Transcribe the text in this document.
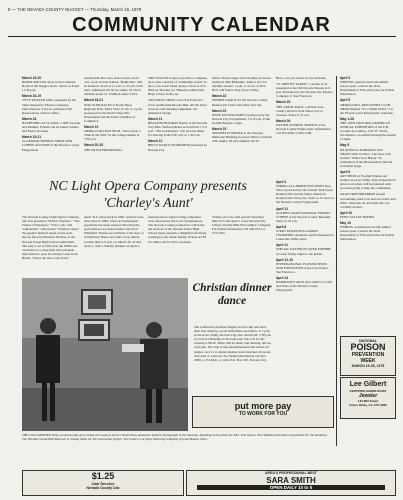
8 — THE NEVADA COUNTY NUGGET — Thursday, March 16, 1978
COMMUNITY CALENDAR

March 16-20
ROOSE ROLLER show in the Celebrity Room at the Nugget, Reno. Shows at 8 and 11:30 p.m.

March 16-19
"FIVE SPOILED GIRL presented by the Sierra Repertory Theatre Company. Performances at 8 p.m. Admission $3. Reservations call box office.

March 18
HAPPENING AT CLASSIC CAFE for kids and families. Friends can be found. Games and Easter favorites.

March 19-21
GLAMOUR OPENING SHOW AND COFFEE AUCTION at the Nevada County Fairgrounds.

Auditorium. Hot rods, motorcycles, show cars, boats and the famous "Batmobile" will be featured. Starts at 11 a.m. to 10 p.m. both days. Admission $2.50 for adults, $1.50 for children under 12. Children under 6 free.

March 18-21
DOG SLED RACES at North Tahoe Regional Park, Tahoe Vista, 8 a.m. to 4 p.m. sponsored by the North Tahoe Fire Department and the Tahoe Chamber of Commerce.

March 19
SIERRA COLLEGE FILM, "Once Upon a Time in the West" in the college theatre at 7:30 p.m.

March 20-25
THE 9th INTERNATIONAL

THE NUGGET hopes to provide a complete, up-to-date calendar of community events. To have your event listed, please call us at 273-9561 by Monday for Thursday publication. Hope to hear from you.

TRUCKING SHOW at the San Francisco Civic Auditorium-Brooks Hall. All the latest in trucks and trucking equipment. No admission charge.

March 21
BEALTON HOLIDAY BALL of the Nevada City Elks. Seafood dinner served from 7 to 9 p.m. "The Goldenaires" will provide music for dancing from 9:30 p.m. to 1:30 a.m.

March 21
BELLY DANCE WORKSHOP presented by Nevada City

dancer Donna Sager and traveling renowned instructor Bert Balladine. Tuition, $17 for daytime session, 1 p.m. to 4 p.m. at Pine Hall, 240 Sutton Way, Grass Valley.

March 22
DINNER DANCE for the Nevada County Democratic Club at the Pine Tree Inn.

March 23
WINE TASTING PARTY sponsored by the Nevada City Soroptimists, 5 to 8 p.m. at the Golden Empire Lodge.

March 25
SPAGHETTI DINNER at the Veterans Memorial Building in Grass Valley to benefit 4-H. Adults, $3 and children, $1.50.

Have, 4-6 p.m. music by the Sicilians.

"LL MEN BY TAKEN," a drama to be presented at the Old Nevada Theatre at 8 p.m. Presented by the Nevada City Theatre Company of San Francisco.

March 25
THE GREAT RACE, a 26 km cross-country ski race from Tahoe City to Truckee. Starts at 10 a.m.

March 26
EASTER SUNRISE SERVICE at the Nevada County Fairgrounds. Information call 265-9563 or 265-1100.

April 3
FRIENDS, general trend and autism season open. Contact the State Department of Fish and Game for further information.

April 5
SIERRA DOLL DISCOVERY CLUB SHOW themed "It's a Small World," 1st Air Flower Grass Fairgrounds. Saturday.

May 1-28
THE 19TH CROCKER-AMERICAN ANNUAL EXHIBITION of the E.B. Crocker Art Gallery, 216 "O" Street, Sacramento, on exhibit through the month of April.

May 5
8th ANNUAL FOREMAN TOY SHOWCASE in Chico. The show will include "When Your Handy." In celebration of the Bicentennial, Nevada Gold Run Stage.

April 5
ART SHOW at Foothill Women Art Gallery in Grass Valley Park. Experienced artist local artists will be featured with proceeds going to help the community.

GRAF TRIUNDRABRDS around surrounding artist Carr and are Grail's and API's. Welcome all area men who are cordially invited.

April 10
PENN VALLEY RODEO

May 13
FISHING, northwest trout and salmon season open. Contact the State Department of Fish and Game for further information.

NC Light Opera Company presents 'Charley's Aunt'
The Nevada County Light Opera Company, who has presented "H.M.S. Pinafore," "The Pirates of Penzance," "Fair Lady" and "Oklahoma!" will present "Charley's Aunt," the popular musical based on the well-known farce by Brandon Thomas, at the Nevada Union High School auditorium. The play is set at Oxford in the 1890s and concerns two young men who persuade their friend to pose as Charley's aunt from Brazil, "where the nuts come from."
Aunt" in London back in 1892, revived twice since then in 1893, where its tremendous popularity has been assured. Directing the performances are Karen Keller and Scott Whitfield. Tickets are available at the door or at Harmony House and other local outlets. Curtain time is 8 p.m. on March 30, 31 and April 1, with a Sunday matinee on April 2.
national shows when touring companies were attracted by the local circumstances. The Nevada County production, which has the services of the Nevada Union High School band, presents a delightful and lively evening for the whole family. Tickets are $3 for adults and $1.50 for students.
Tickets are to be sold special Saturdays March 25 and April 1 at the Nevada City Library and the Hills Flat Lumber Company. For further information call 265-6514 or 273-7632.

April 4
SPRING ALL BREED FUN SHOW Dog Show sponsored by the Greater Trail Gazer Kennel Club and the Sierra American Kennel Club. Entry fee. Starts at 12 noon at the Nevada County Fairgrounds.

April 11
GOLDEN GRAD NATIONAL EXPERT COFFEE at the Nevada County Museum. Starts at 10 a.m.

April 8
JUKES PANAYOTIS LOMON CHAMPION, Amateurs and Professional at Lonesome Valley Area.

April 11
SPECIAL EASTER FLOWER EXHIBIT in Grass Valley. Open to the public.

April 12-19
INTERNATIONAL FLOWER SHOW AND EXPOSITION at the Cow Palace, San Francisco.

April 14
HARRISON'S ARTS AUCTION of Crafts and Sales at the Nevada County Fairgrounds.

THE LOLA MONTEZ home reconstruction got a boost this week as Grover Westerburg donated a historic photograph to the museum. Standing in the photo are Mrs. Tom Quinn, Tom Watkins and others responsible for the donation. The Nevada Grand Hall Museum is raising funds for the restoration project. The home is currently featuring a display of Lola Montez relics.
Christian dinner dance
The California Christian Singles Social Club will have their first meeting, social with dinner and dance, at 7 p.m. at the Grass Valley-Nevada City area. March 28. 7:30 p.m. at Conroy's Bohemia in Nevada City. The cost for the evening is $8.50. There will be music and dancing. All are welcome. The club is non-denominational and invites all singles over 21 to attend whether never married, divorced, widowed or widower. For further information call 265-2080 or 272-8421, or write P.O. Box 345, Nevada City.
put more pay
TO WORK FOR YOU
NATIONAL
POISON
PREVENTION
WEEK
MARCH 19-25, 1978
Lee Gilbert
CERTIFIED GEMOLOGIST
Jeweler
134 Mill Street
Grass Valley, Ca. 273-4296
$1.25
Cab Service
Nevada County Cab
AREA'S PROFESSIONAL BEST
SARA SMITH
OPEN DAILY 10 to 5
